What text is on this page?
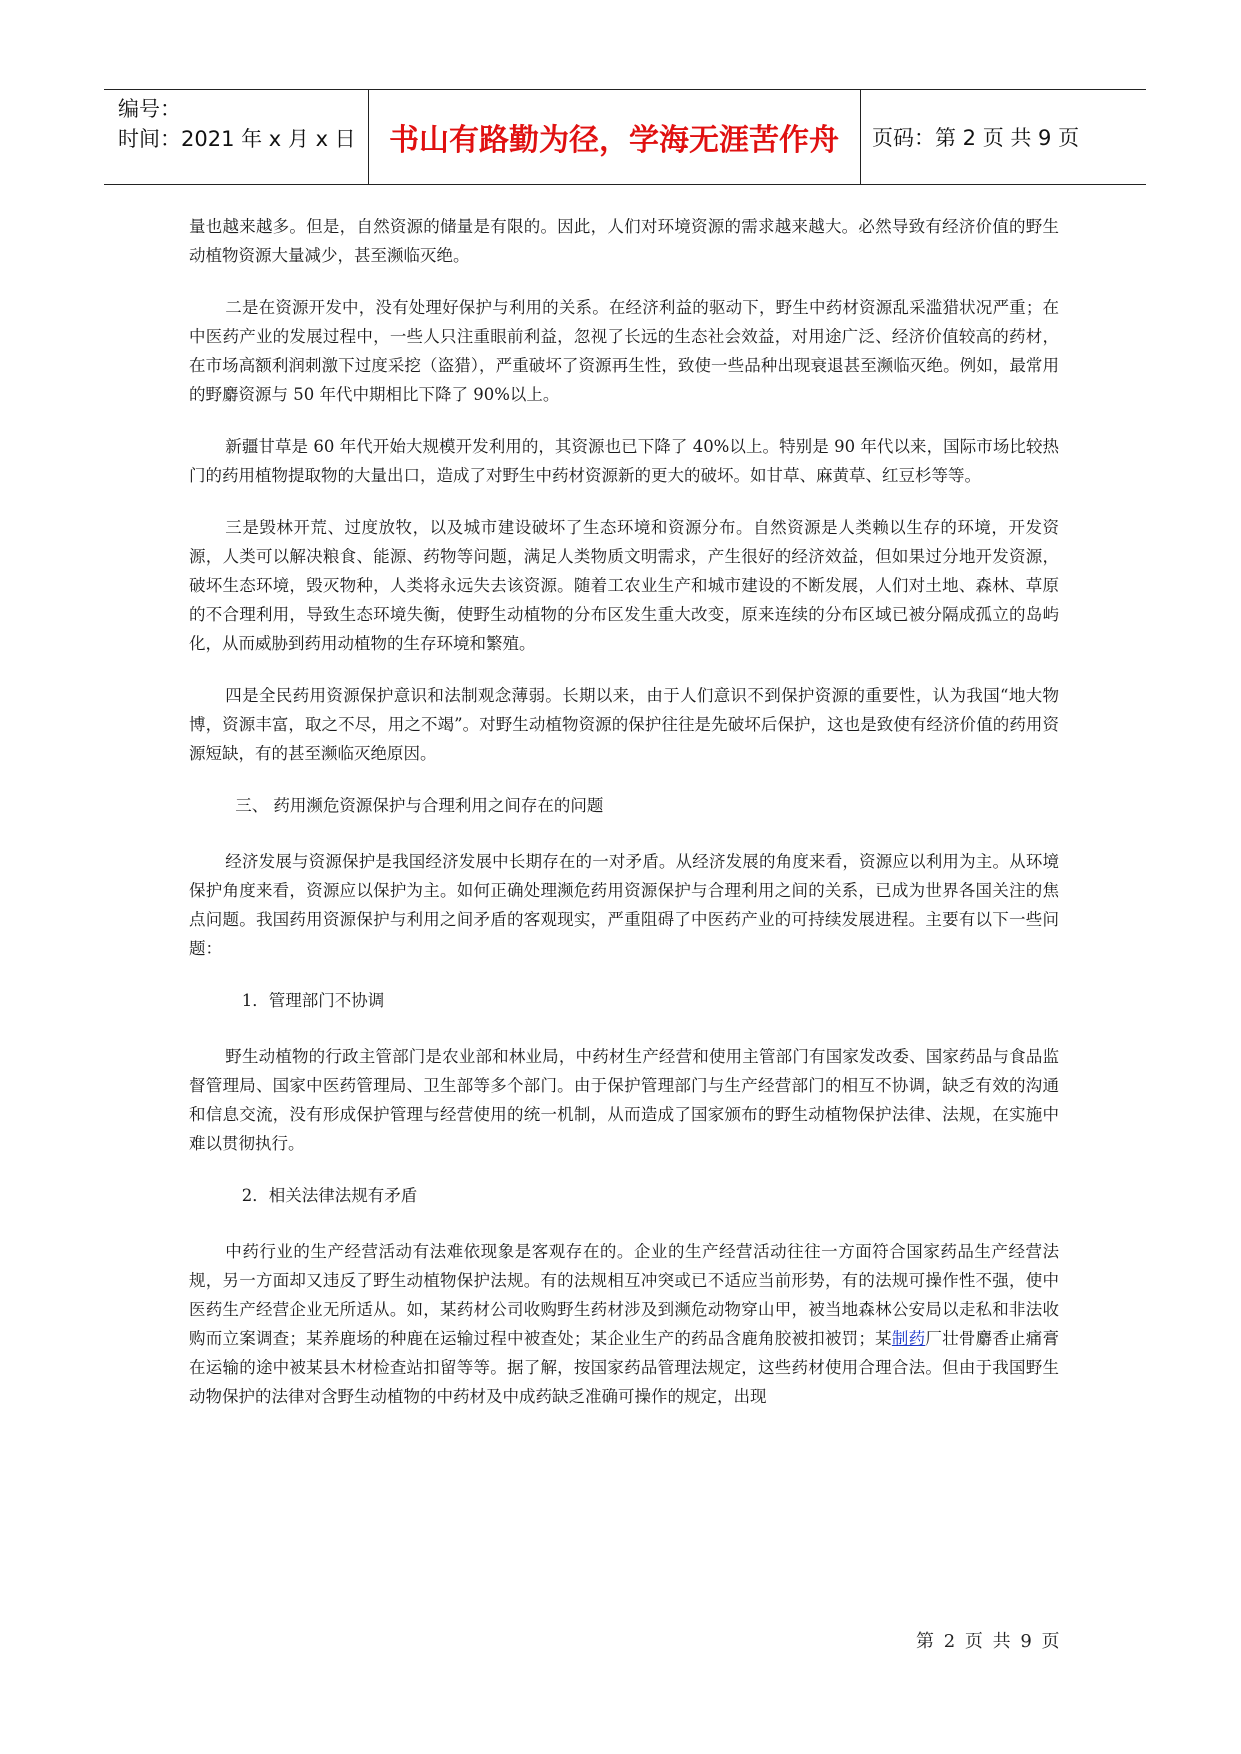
编号：
时间：2021 年 x 月 x 日	书山有路勤为径，学海无涯苦作舟	页码：第 2 页 共 9 页

量也越来越多。但是，自然资源的储量是有限的。因此，人们对环境资源的需求越来越大。必然导致有经济价值的野生动植物资源大量减少，甚至濒临灭绝。

二是在资源开发中，没有处理好保护与利用的关系。在经济利益的驱动下，野生中药材资源乱采滥猎状况严重；在中医药产业的发展过程中，一些人只注重眼前利益，忽视了长远的生态社会效益，对用途广泛、经济价值较高的药材，在市场高额利润刺激下过度采挖（盗猎），严重破坏了资源再生性，致使一些品种出现衰退甚至濒临灭绝。例如，最常用的野麝资源与 50 年代中期相比下降了 90%以上。

新疆甘草是 60 年代开始大规模开发利用的，其资源也已下降了 40%以上。特别是 90 年代以来，国际市场比较热门的药用植物提取物的大量出口，造成了对野生中药材资源新的更大的破坏。如甘草、麻黄草、红豆杉等等。

三是毁林开荒、过度放牧，以及城市建设破坏了生态环境和资源分布。自然资源是人类赖以生存的环境，开发资源，人类可以解决粮食、能源、药物等问题，满足人类物质文明需求，产生很好的经济效益，但如果过分地开发资源，破坏生态环境，毁灭物种，人类将永远失去该资源。随着工农业生产和城市建设的不断发展，人们对土地、森林、草原的不合理利用，导致生态环境失衡，使野生动植物的分布区发生重大改变，原来连续的分布区域已被分隔成孤立的岛屿化，从而威胁到药用动植物的生存环境和繁殖。

四是全民药用资源保护意识和法制观念薄弱。长期以来，由于人们意识不到保护资源的重要性，认为我国“地大物博，资源丰富，取之不尽，用之不竭”。对野生动植物资源的保护往往是先破坏后保护，这也是致使有经济价值的药用资源短缺，有的甚至濒临灭绝原因。

三、 药用濒危资源保护与合理利用之间存在的问题

经济发展与资源保护是我国经济发展中长期存在的一对矛盾。从经济发展的角度来看，资源应以利用为主。从环境保护角度来看，资源应以保护为主。如何正确处理濒危药用资源保护与合理利用之间的关系，已成为世界各国关注的焦点问题。我国药用资源保护与利用之间矛盾的客观现实，严重阻碍了中医药产业的可持续发展进程。主要有以下一些问题：

1．管理部门不协调

野生动植物的行政主管部门是农业部和林业局，中药材生产经营和使用主管部门有国家发改委、国家药品与食品监督管理局、国家中医药管理局、卫生部等多个部门。由于保护管理部门与生产经营部门的相互不协调，缺乏有效的沟通和信息交流，没有形成保护管理与经营使用的统一机制，从而造成了国家颁布的野生动植物保护法律、法规，在实施中难以贯彻执行。

2．相关法律法规有矛盾

中药行业的生产经营活动有法难依现象是客观存在的。企业的生产经营活动往往一方面符合国家药品生产经营法规，另一方面却又违反了野生动植物保护法规。有的法规相互冲突或已不适应当前形势，有的法规可操作性不强，使中医药生产经营企业无所适从。如，某药材公司收购野生药材涉及到濒危动物穿山甲，被当地森林公安局以走私和非法收购而立案调查；某养鹿场的种鹿在运输过程中被查处；某企业生产的药品含鹿角胶被扣被罚；某制药厂壮骨麝香止痛膏在运输的途中被某县木材检查站扣留等等。据了解，按国家药品管理法规定，这些药材使用合理合法。但由于我国野生动物保护的法律对含野生动植物的中药材及中成药缺乏准确可操作的规定，出现

第 2 页 共 9 页
